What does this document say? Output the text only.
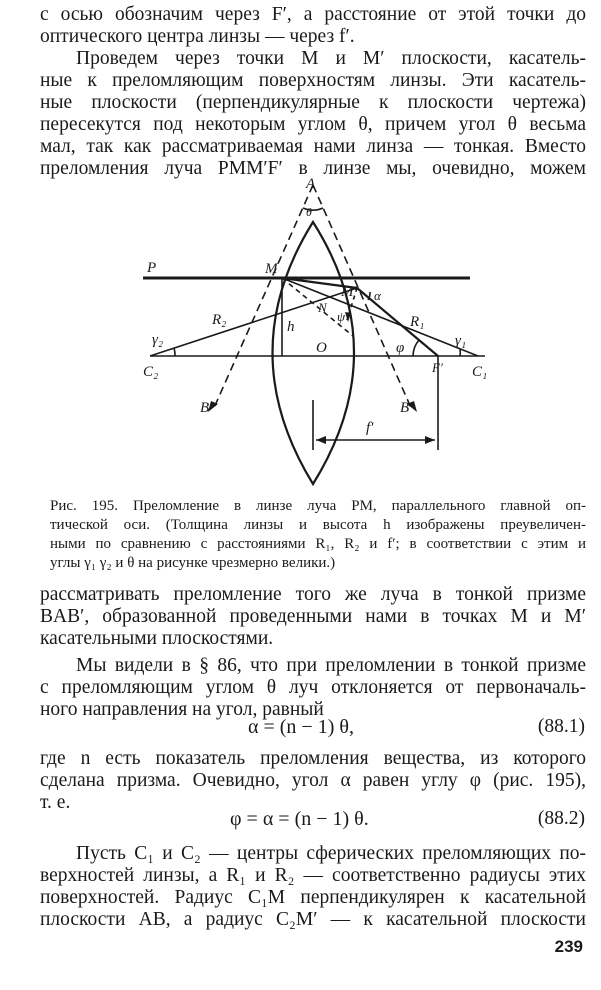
с осью обозначим через F′, а расстояние от этой точки до
оптического центра линзы — через f′.
Проведем через точки M и M′ плоскости, касатель-
ные к преломляющим поверхностям линзы. Эти касатель-
ные плоскости (перпендикулярные к плоскости чертежа)
пересекутся под некоторым углом θ, причем угол θ весьма
мал, так как рассматриваемая нами линза — тонкая. Вместо
преломления луча PMM′F′ в линзе мы, очевидно, можем
A
θ
P	M
M′ α
h
N
ψ
R₂	R₁
γ₂	γ₁
φ
O
C₂	C₁
F′
B	B′
f′
Рис. 195. Преломление в линзе луча PM, параллельного главной оп-
тической оси. (Толщина линзы и высота h изображены преувеличен-
ными по сравнению с расстояниями R₁, R₂ и f′; в соответствии с этим и
углы γ₁ γ₂ и θ на рисунке чрезмерно велики.)
рассматривать преломление того же луча в тонкой призме
BAB′, образованной проведенными нами в точках M и M′
касательными плоскостями.
Мы видели в § 86, что при преломлении в тонкой призме
с преломляющим углом θ луч отклоняется от первоначаль-
ного направления на угол, равный
α = (n − 1) θ,	(88.1)
где n есть показатель преломления вещества, из которого
сделана призма. Очевидно, угол α равен углу φ (рис. 195),
т. е.
φ = α = (n − 1) θ.	(88.2)
Пусть C₁ и C₂ — центры сферических преломляющих по-
верхностей линзы, а R₁ и R₂ — соответственно радиусы этих
поверхностей. Радиус C₁M перпендикулярен к касательной
плоскости AB, а радиус C₂M′ — к касательной плоскости
239
